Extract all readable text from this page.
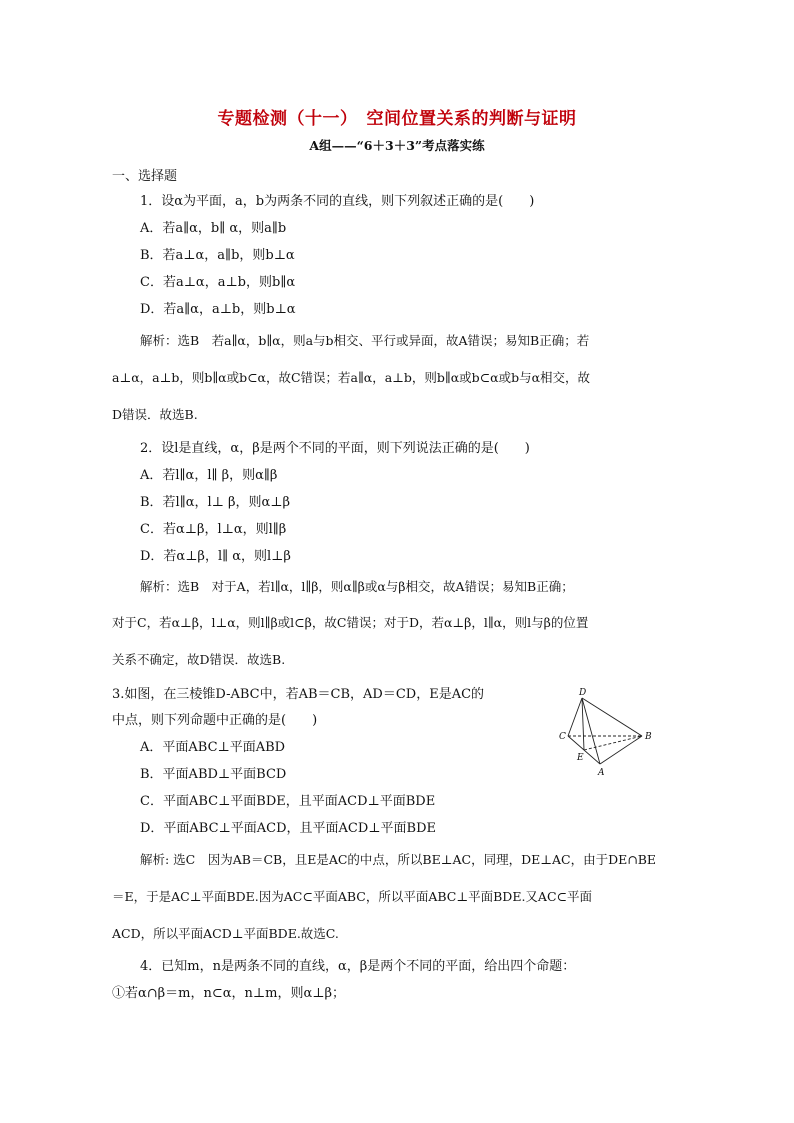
专题检测（十一）　空间位置关系的判断与证明
A组——“6＋3＋3”考点落实练
一、选择题
1．设α为平面，a，b为两条不同的直线，则下列叙述正确的是(　　)
A．若a∥α，b∥ α，则a∥b
B．若a⊥α，a∥b，则b⊥α
C．若a⊥α，a⊥b，则b∥α
D．若a∥α，a⊥b，则b⊥α
解析：选B　若a∥α，b∥α，则a与b相交、平行或异面，故A错误；易知B正确；若
a⊥α，a⊥b，则b∥α或b⊂α，故C错误；若a∥α，a⊥b，则b∥α或b⊂α或b与α相交，故
D错误．故选B.
2．设l是直线，α，β是两个不同的平面，则下列说法正确的是(　　)
A．若l∥α，l∥ β，则α∥β
B．若l∥α，l⊥ β，则α⊥β
C．若α⊥β，l⊥α，则l∥β
D．若α⊥β，l∥ α，则l⊥β
解析：选B　对于A，若l∥α，l∥β，则α∥β或α与β相交，故A错误；易知B正确；
对于C，若α⊥β，l⊥α，则l∥β或l⊂β，故C错误；对于D，若α⊥β，l∥α，则l与β的位置
关系不确定，故D错误．故选B.
3.如图，在三棱锥D-ABC中，若AB＝CB，AD＝CD，E是AC的
中点，则下列命题中正确的是(　　)
A．平面ABC⊥平面ABD
B．平面ABD⊥平面BCD
C．平面ABC⊥平面BDE，且平面ACD⊥平面BDE
D．平面ABC⊥平面ACD，且平面ACD⊥平面BDE
解析: 选C　因为AB＝CB，且E是AC的中点，所以BE⊥AC，同理，DE⊥AC，由于DE∩BE
＝E，于是AC⊥平面BDE.因为AC⊂平面ABC，所以平面ABC⊥平面BDE.又AC⊂平面
ACD，所以平面ACD⊥平面BDE.故选C.
4．已知m，n是两条不同的直线，α，β是两个不同的平面，给出四个命题：
①若α∩β＝m，n⊂α，n⊥m，则α⊥β；
D
C	B
E
A
